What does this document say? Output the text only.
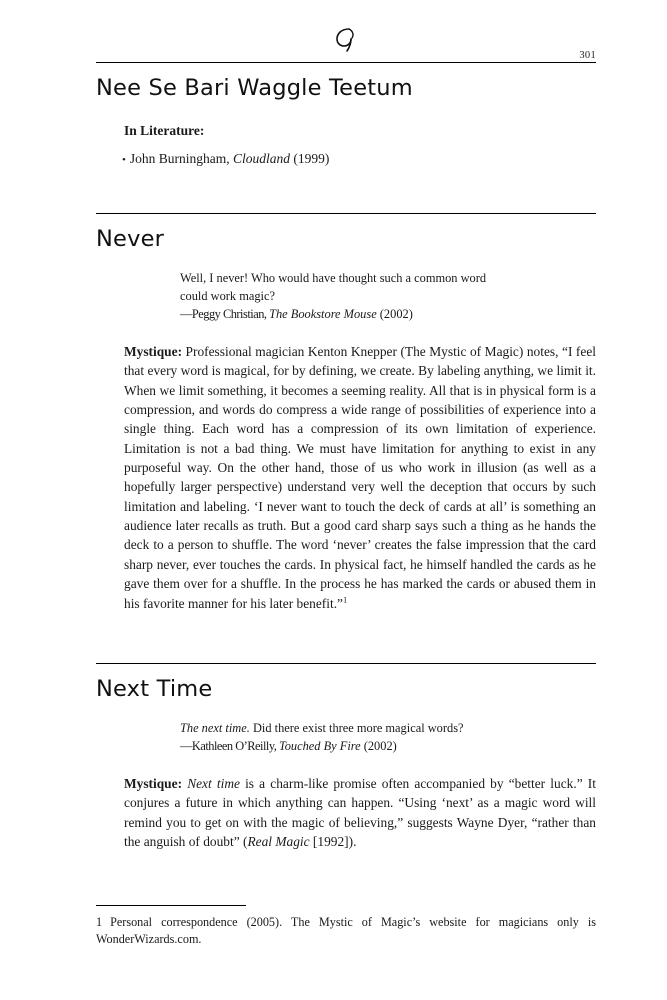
301
Nee Se Bari Waggle Teetum
In Literature:
• John Burningham, Cloudland (1999)
Never
Well, I never! Who would have thought such a common word
could work magic?
—Peggy Christian, The Bookstore Mouse (2002)

Mystique: Professional magician Kenton Knepper (The Mystic of Magic) notes, “I feel that every word is magical, for by defining, we create. By labeling anything, we limit it. When we limit something, it becomes a seeming reality. All that is in physical form is a compression, and words do compress a wide range of possibilities of experience into a single thing. Each word has a compression of its own limitation of experience. Limitation is not a bad thing. We must have limitation for anything to exist in any purposeful way. On the other hand, those of us who work in illusion (as well as a hopefully larger perspective) understand very well the deception that occurs by such limitation and labeling. ‘I never want to touch the deck of cards at all’ is something an audience later recalls as truth. But a good card sharp says such a thing as he hands the deck to a person to shuffle. The word ‘never’ creates the false impression that the card sharp never, ever touches the cards. In physical fact, he himself handled the cards as he gave them over for a shuffle. In the process he has marked the cards or abused them in his favorite manner for his later benefit.”$^1$

Next Time
The next time. Did there exist three more magical words?
—Kathleen O’Reilly, Touched By Fire (2002)

Mystique: Next time is a charm-like promise often accompanied by “better luck.” It conjures a future in which anything can happen. “Using ‘next’ as a magic word will remind you to get on with the magic of believing,” suggests Wayne Dyer, “rather than the anguish of doubt” (Real Magic [1992]).

1 Personal correspondence (2005). The Mystic of Magic’s website for magicians only is WonderWizards.com.
